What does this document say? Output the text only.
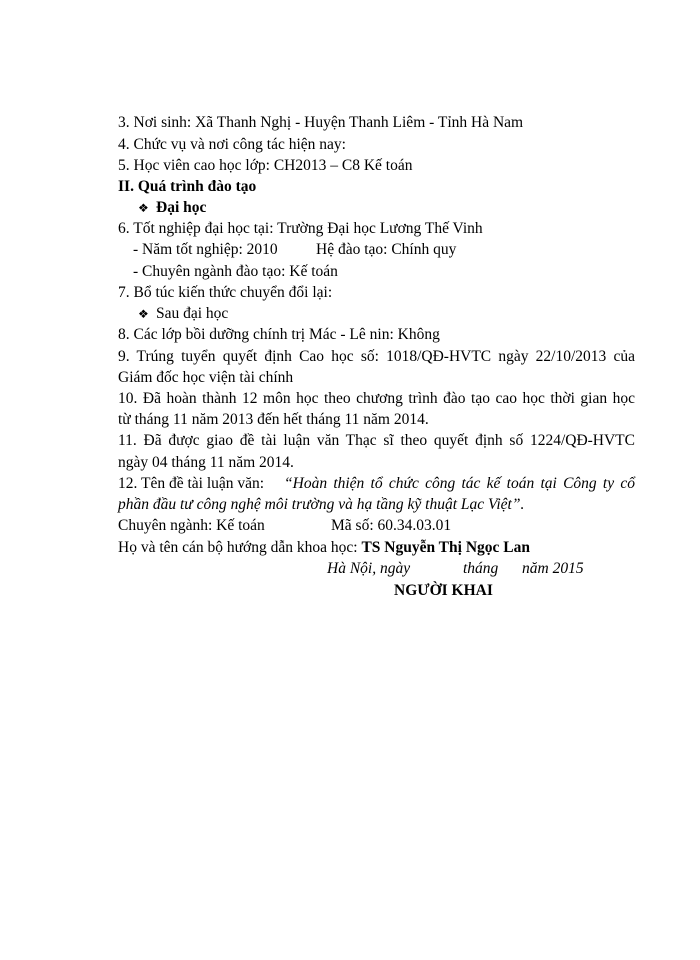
3. Nơi sinh: Xã Thanh Nghị - Huyện Thanh Liêm - Tỉnh Hà Nam
4. Chức vụ và nơi công tác hiện nay:
5. Học viên cao học lớp: CH2013 – C8 Kế toán
II. Quá trình đào tạo
❖ Đại học
6. Tốt nghiệp đại học tại: Trường Đại học Lương Thế Vinh
- Năm tốt nghiệp: 2010 Hệ đào tạo: Chính quy
- Chuyên ngành đào tạo: Kế toán
7. Bổ túc kiến thức chuyển đổi lại:
❖ Sau đại học
8. Các lớp bồi dưỡng chính trị Mác - Lê nin: Không
9. Trúng tuyển quyết định Cao học số: 1018/QĐ-HVTC ngày 22/10/2013 của
Giám đốc học viện tài chính
10. Đã hoàn thành 12 môn học theo chương trình đào tạo cao học thời gian học
từ tháng 11 năm 2013 đến hết tháng 11 năm 2014.
11. Đã được giao đề tài luận văn Thạc sĩ theo quyết định số 1224/QĐ-HVTC
ngày 04 tháng 11 năm 2014.
12. Tên đề tài luận văn: “Hoàn thiện tổ chức công tác kế toán tại Công ty cổ
phần đầu tư công nghệ môi trường và hạ tầng kỹ thuật Lạc Việt”.
Chuyên ngành: Kế toán	Mã số: 60.34.03.01
Họ và tên cán bộ hướng dẫn khoa học: TS Nguyễn Thị Ngọc Lan
Hà Nội, ngày	tháng năm 2015
NGƯỜI KHAI
